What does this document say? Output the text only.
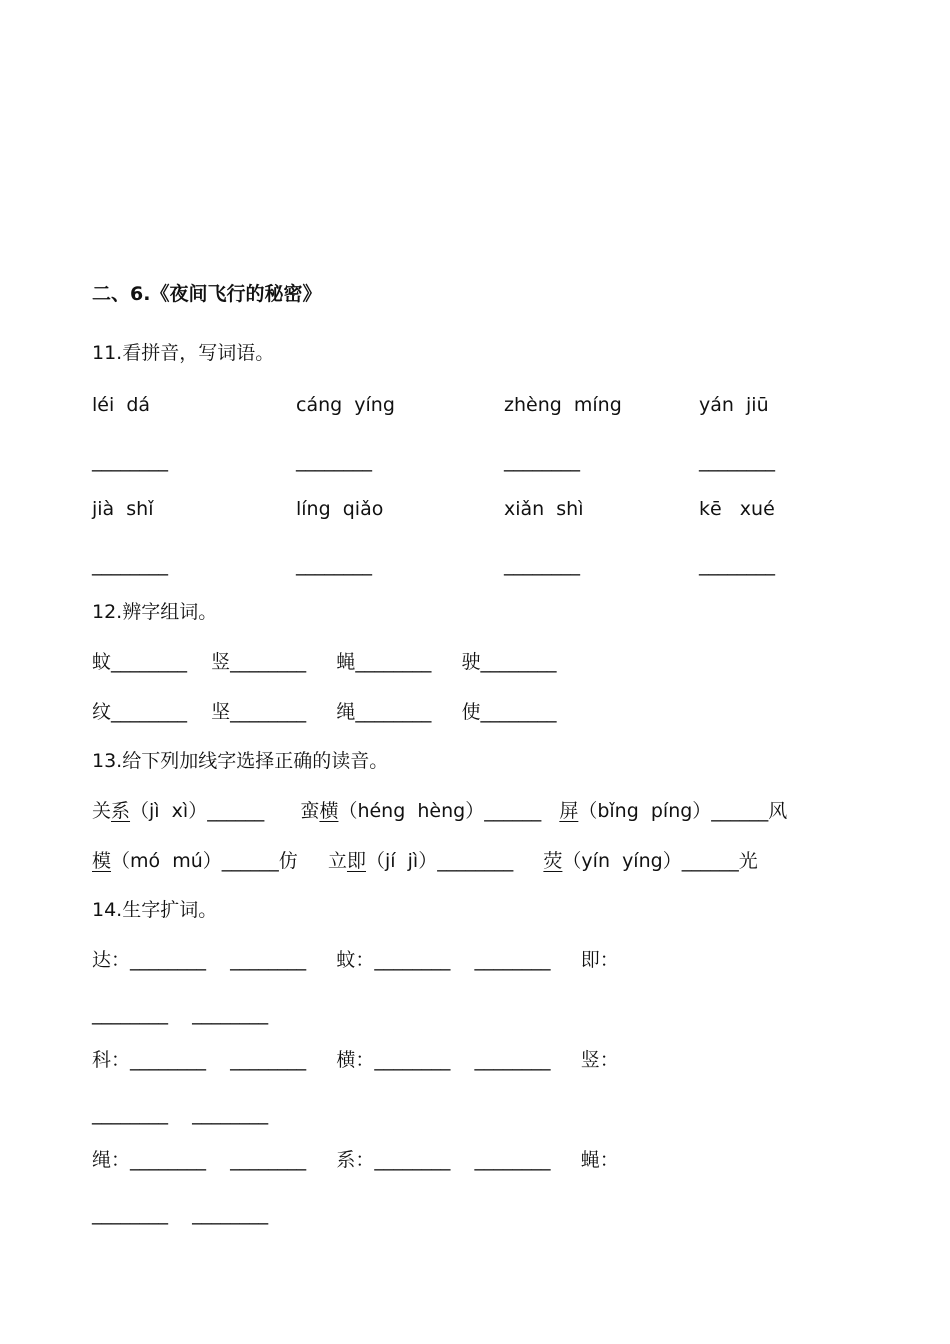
二、6.《夜间飞行的秘密》
11.看拼音，写词语。
léi  dá	cáng  yíng	zhèng  míng	yán  jiū
________	________	________	________
jià  shǐ	líng  qiǎo	xiǎn  shì	kē   xué
________	________	________	________
12.辨字组词。
蚊________    竖________     蝇________     驶________
纹________    坚________     绳________     使________
13.给下列加线字选择正确的读音。
关系（jì  xì）______      蛮横（héng  hèng）______   屏（bǐng  píng）______风
模（mó  mú）______仿     立即（jí  jì）________     荧（yín  yíng）______光
14.生字扩词。
达：________    ________     蚊：________    ________     即：
________    ________
科：________    ________     横：________    ________     竖：
________    ________
绳：________    ________     系：________    ________     蝇：
________    ________
